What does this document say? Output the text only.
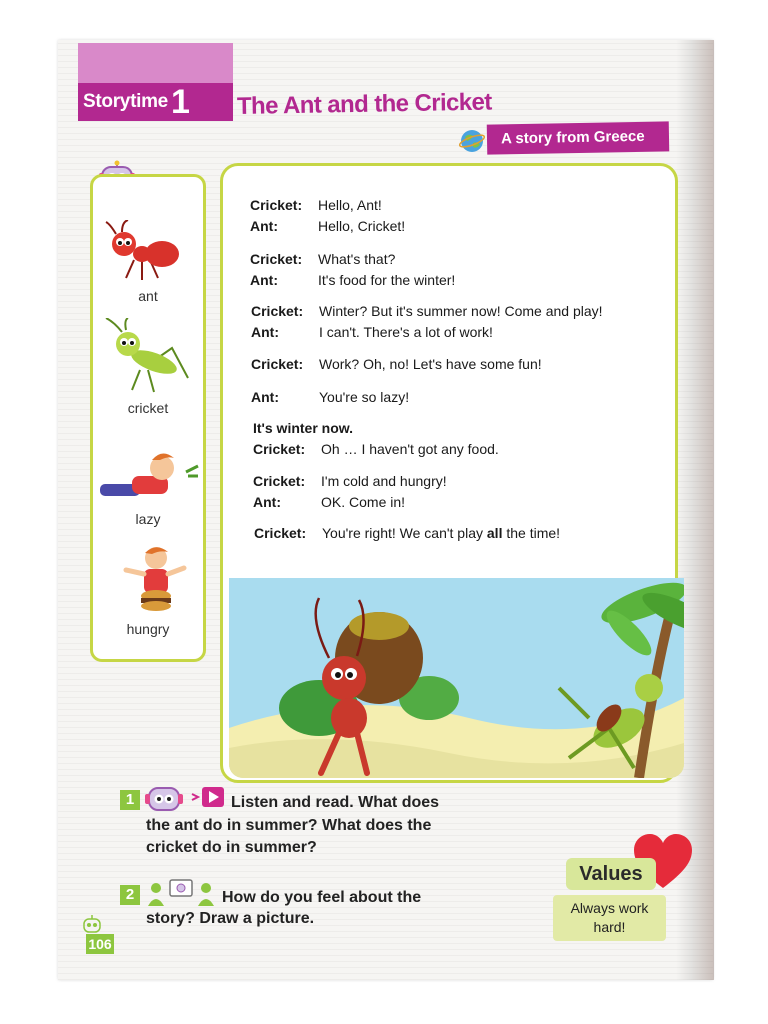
Storytime 1 The Ant and the Cricket
A story from Greece
ant
cricket
lazy
hungry
Cricket: Hello, Ant!
Ant:	Hello, Cricket!
Cricket: What's that?
Ant:	It's food for the winter!
Cricket: Winter? But it's summer now! Come and play!
Ant:	I can't. There's a lot of work!
Cricket: Work? Oh, no! Let's have some fun!
Ant:	You're so lazy!
It's winter now.
Cricket: Oh … I haven't got any food.
Cricket: I'm cold and hungry!
Ant:	OK. Come in!
Cricket: You're right! We can't play all the time!
1	Listen and read. What does
the ant do in summer? What does the
cricket do in summer?
2	How do you feel about the
story? Draw a picture.
Values
Always work
hard!
106
